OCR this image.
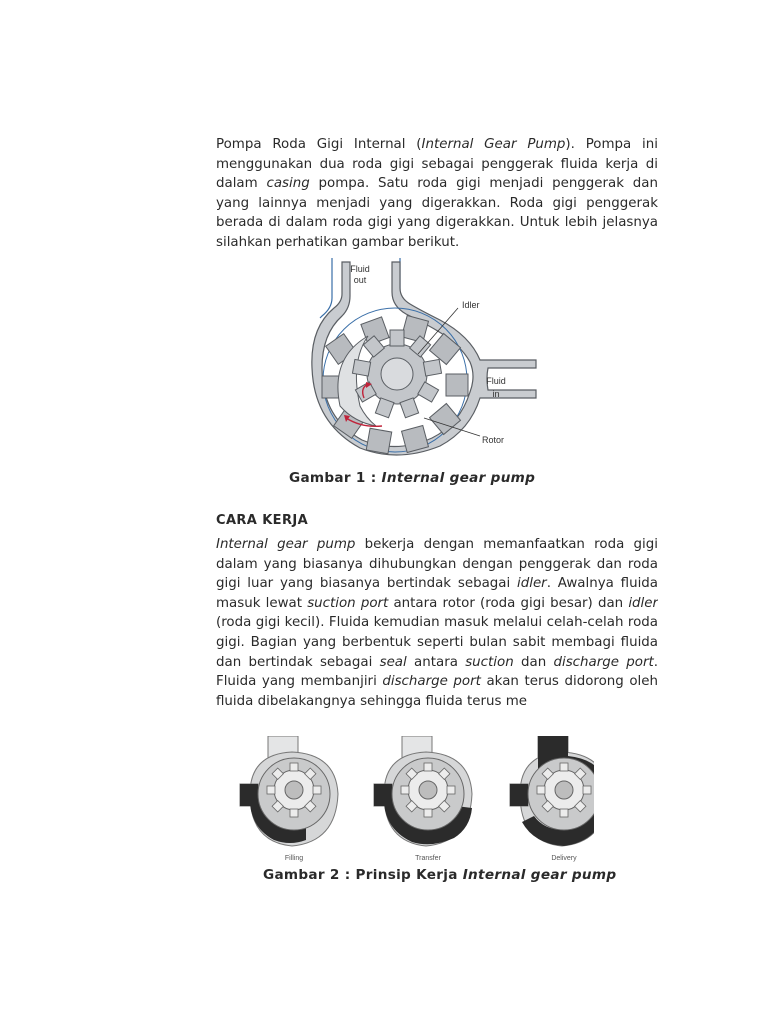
Pompa Roda Gigi Internal (Internal Gear Pump). Pompa ini menggunakan dua roda gigi sebagai penggerak fluida kerja di dalam casing pompa. Satu roda gigi menjadi penggerak dan yang lainnya menjadi yang digerakkan. Roda gigi penggerak berada di dalam roda gigi yang digerakkan. Untuk lebih jelasnya silahkan perhatikan gambar berikut.

Fluid
out
Idler
Fluid
in
Rotor

Gambar 1 : Internal gear pump

CARA KERJA

Internal gear pump bekerja dengan memanfaatkan roda gigi dalam yang biasanya dihubungkan dengan penggerak dan roda gigi luar yang biasanya bertindak sebagai idler. Awalnya fluida masuk lewat suction port antara rotor (roda gigi besar) dan idler (roda gigi kecil). Fluida kemudian masuk melalui celah-celah roda gigi. Bagian yang berbentuk seperti bulan sabit membagi fluida dan bertindak sebagai seal antara suction dan discharge port. Fluida yang membanjiri discharge port akan terus didorong oleh fluida dibelakangnya sehingga fluida terus me

Filling	Transfer	Delivery

Gambar 2 : Prinsip Kerja Internal gear pump
